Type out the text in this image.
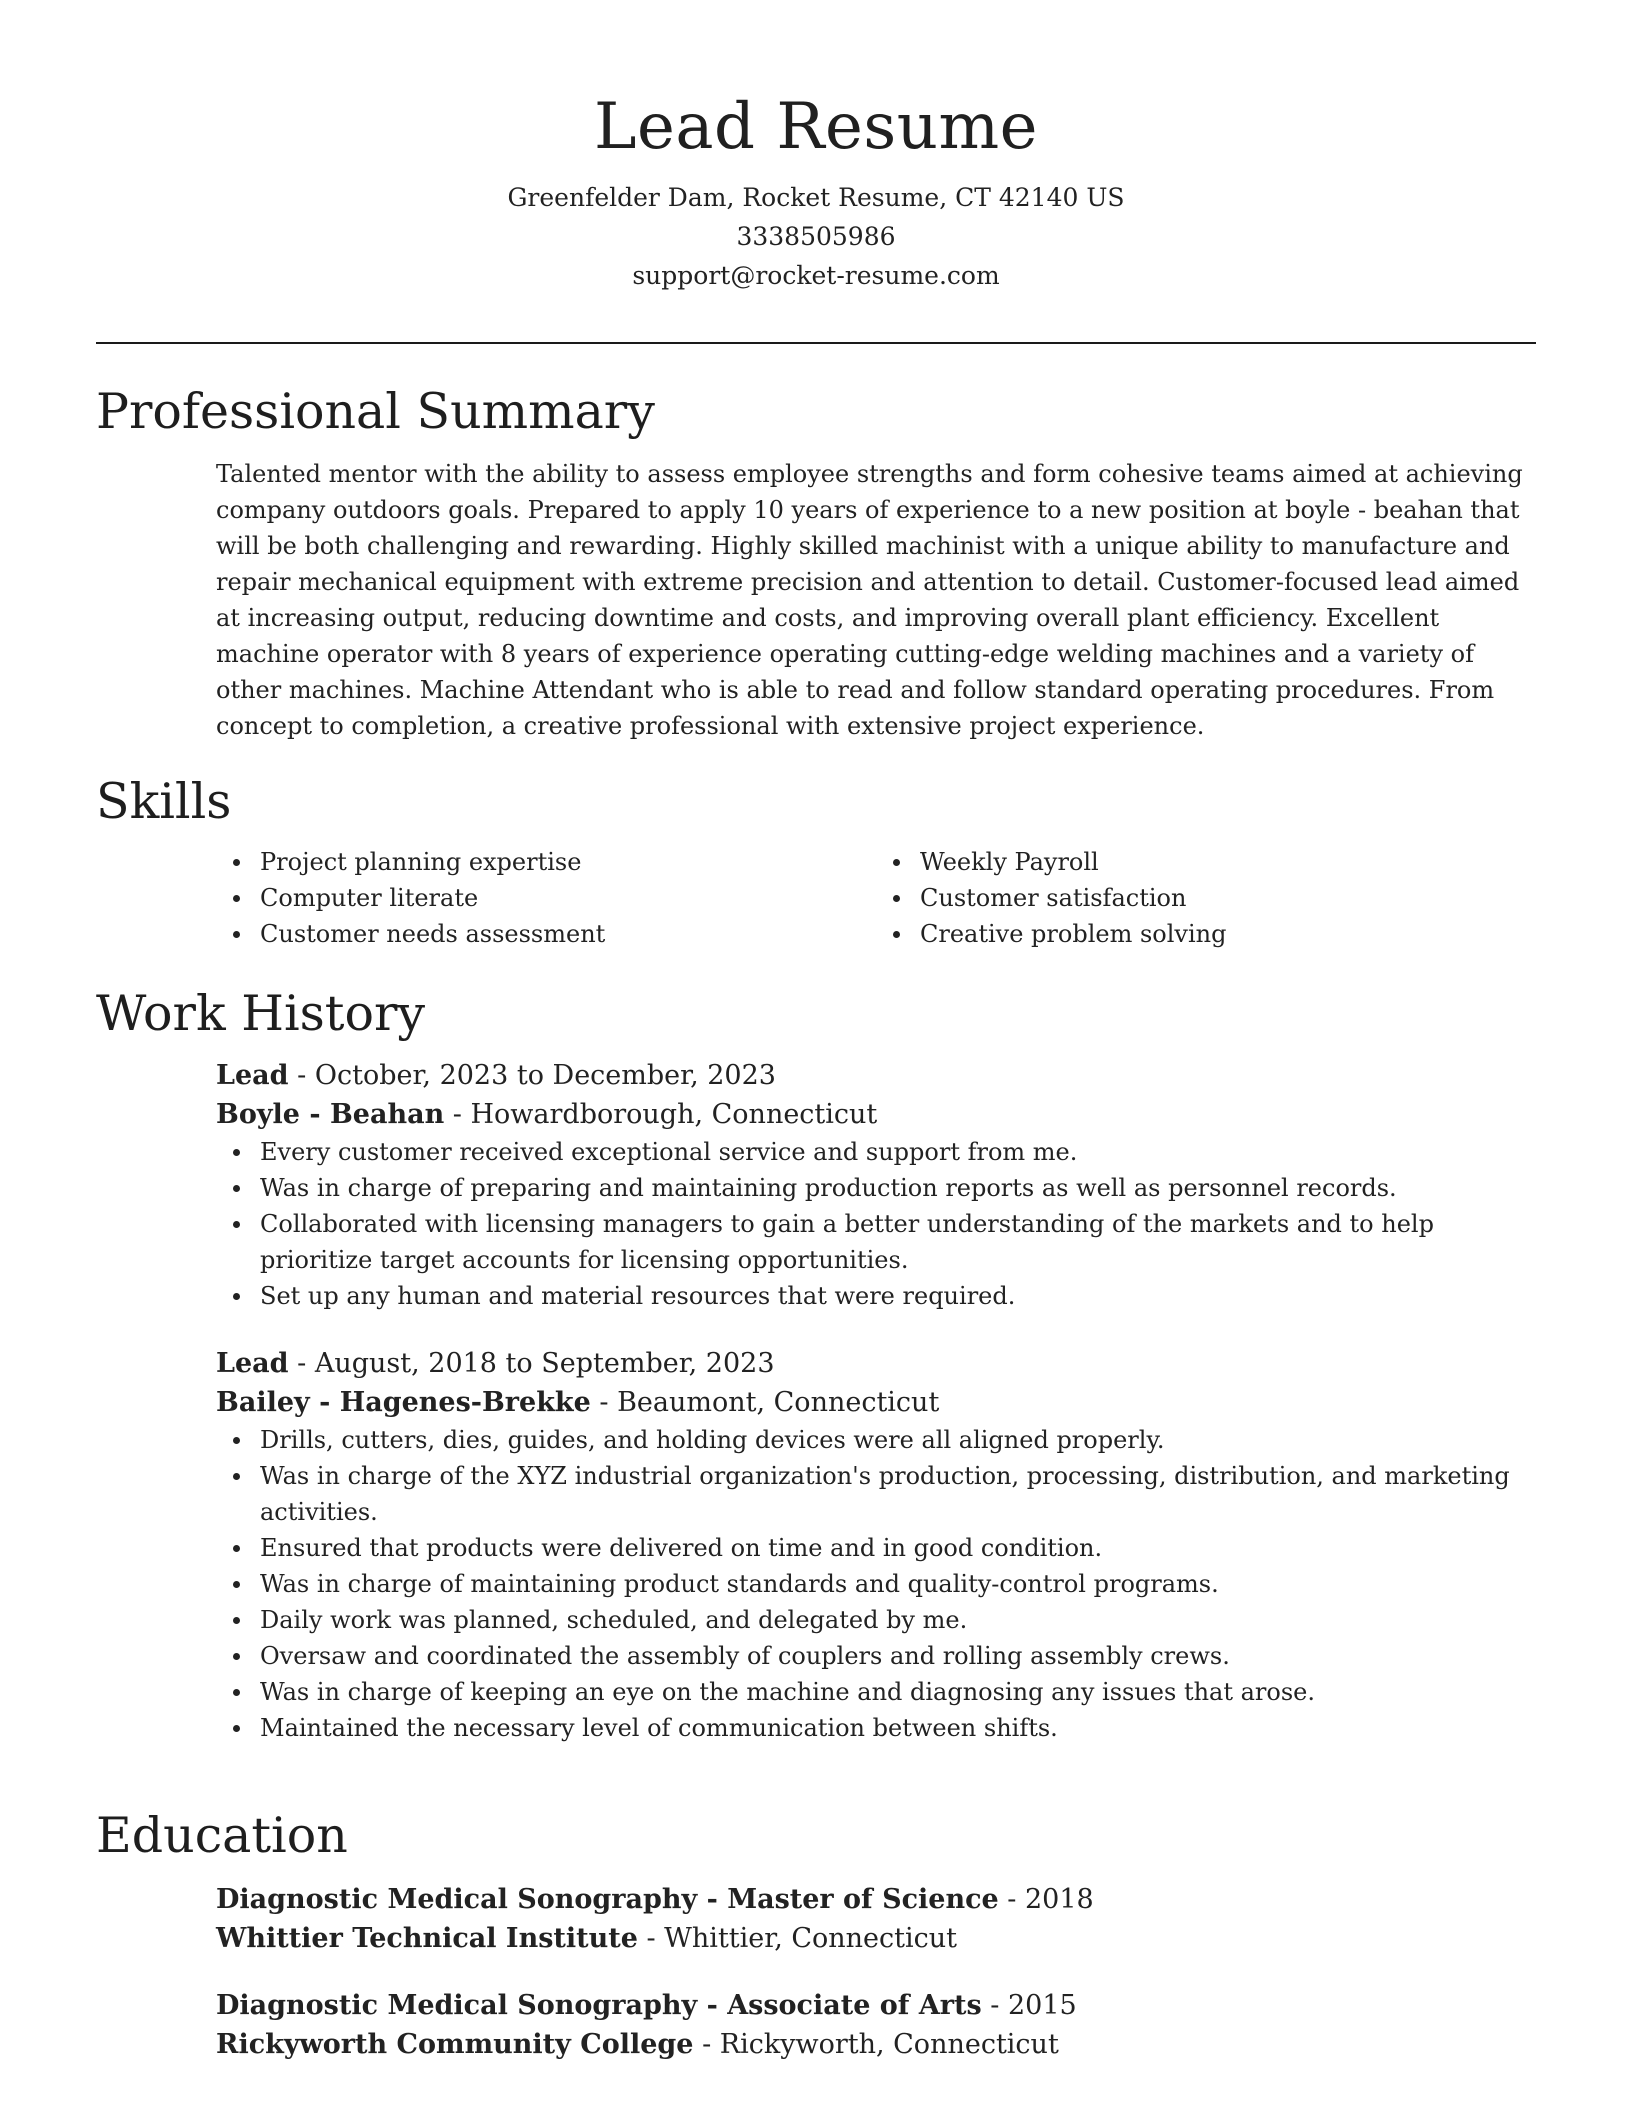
Lead Resume
Greenfelder Dam, Rocket Resume, CT 42140 US
3338505986
support@rocket-resume.com
Professional Summary
Talented mentor with the ability to assess employee strengths and form cohesive teams aimed at achieving company outdoors goals. Prepared to apply 10 years of experience to a new position at boyle - beahan that will be both challenging and rewarding. Highly skilled machinist with a unique ability to manufacture and repair mechanical equipment with extreme precision and attention to detail. Customer-focused lead aimed at increasing output, reducing downtime and costs, and improving overall plant efficiency. Excellent machine operator with 8 years of experience operating cutting-edge welding machines and a variety of other machines. Machine Attendant who is able to read and follow standard operating procedures. From concept to completion, a creative professional with extensive project experience.
Skills
Project planning expertise
Computer literate
Customer needs assessment
Weekly Payroll
Customer satisfaction
Creative problem solving
Work History
Lead - October, 2023 to December, 2023
Boyle - Beahan - Howardborough, Connecticut
Every customer received exceptional service and support from me.
Was in charge of preparing and maintaining production reports as well as personnel records.
Collaborated with licensing managers to gain a better understanding of the markets and to help prioritize target accounts for licensing opportunities.
Set up any human and material resources that were required.
Lead - August, 2018 to September, 2023
Bailey - Hagenes-Brekke - Beaumont, Connecticut
Drills, cutters, dies, guides, and holding devices were all aligned properly.
Was in charge of the XYZ industrial organization's production, processing, distribution, and marketing activities.
Ensured that products were delivered on time and in good condition.
Was in charge of maintaining product standards and quality-control programs.
Daily work was planned, scheduled, and delegated by me.
Oversaw and coordinated the assembly of couplers and rolling assembly crews.
Was in charge of keeping an eye on the machine and diagnosing any issues that arose.
Maintained the necessary level of communication between shifts.
Education
Diagnostic Medical Sonography - Master of Science - 2018
Whittier Technical Institute - Whittier, Connecticut
Diagnostic Medical Sonography - Associate of Arts - 2015
Rickyworth Community College - Rickyworth, Connecticut
